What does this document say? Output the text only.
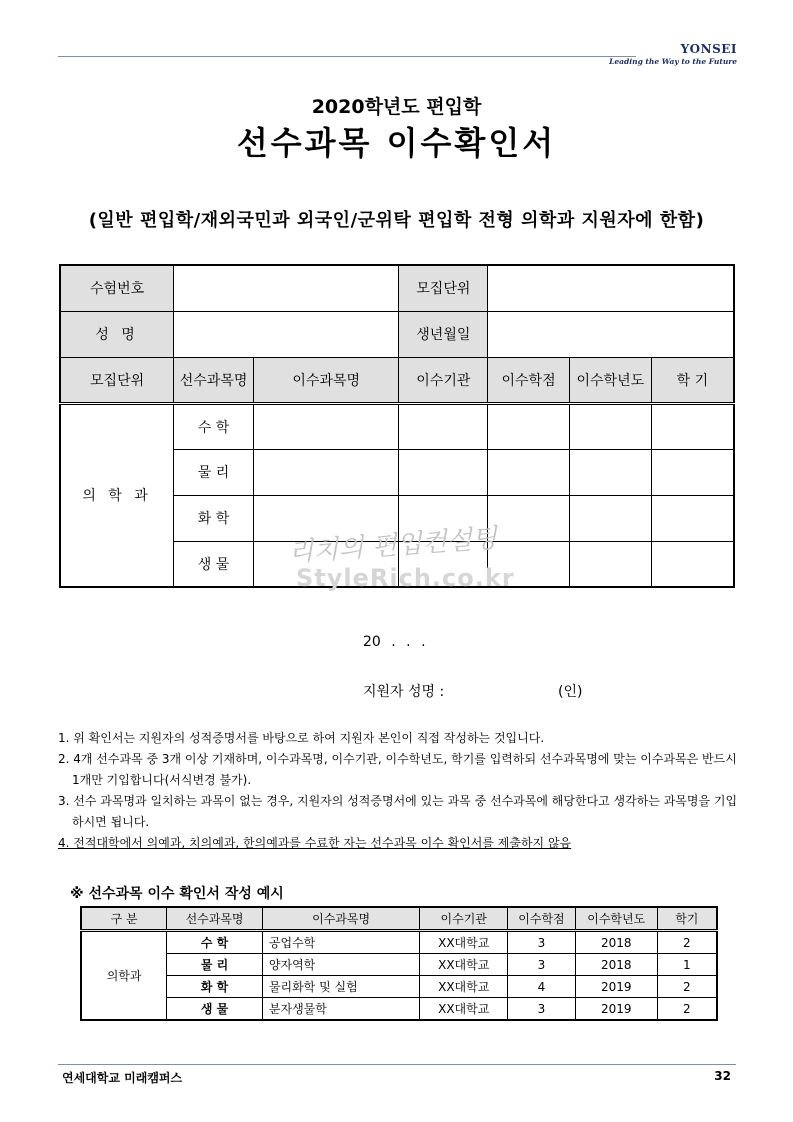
YONSEI
Leading the Way to the Future
2020학년도 편입학
선수과목 이수확인서
(일반 편입학/재외국민과 외국인/군위탁 편입학 전형 의학과 지원자에 한함)
수험번호			모집단위			
성 명			생년월일			
모집단위	선수과목명	이수과목명	이수기관	이수학점	이수학년도	학 기
의 학 과	수 학					
	물 리					
	화 학					
	생 물					리치의 편입컨설팅
StyleRich.co.kr
20 . . .
지원자 성명 :	(인)
1. 위 확인서는 지원자의 성적증명서를 바탕으로 하여 지원자 본인이 직접 작성하는 것입니다.
2. 4개 선수과목 중 3개 이상 기재하며, 이수과목명, 이수기관, 이수학년도, 학기를 입력하되 선수과목명에 맞는 이수과목은 반드시 1개만 기입합니다(서식변경 불가).
3. 선수 과목명과 일치하는 과목이 없는 경우, 지원자의 성적증명서에 있는 과목 중 선수과목에 해당한다고 생각하는 과목명을 기입하시면 됩니다.
4. 전적대학에서 의예과, 치의예과, 한의예과를 수료한 자는 선수과목 이수 확인서를 제출하지 않음
※ 선수과목 이수 확인서 작성 예시
구 분	선수과목명	이수과목명	이수기관	이수학점	이수학년도	학기
의학과	수 학	공업수학	XX대학교	3	2018	2
	물 리	양자역학	XX대학교	3	2018	1
	화 학	물리화학 및 실험	XX대학교	4	2019	2
	생 물	분자생물학	XX대학교	3	2019	2
연세대학교 미래캠퍼스	32
